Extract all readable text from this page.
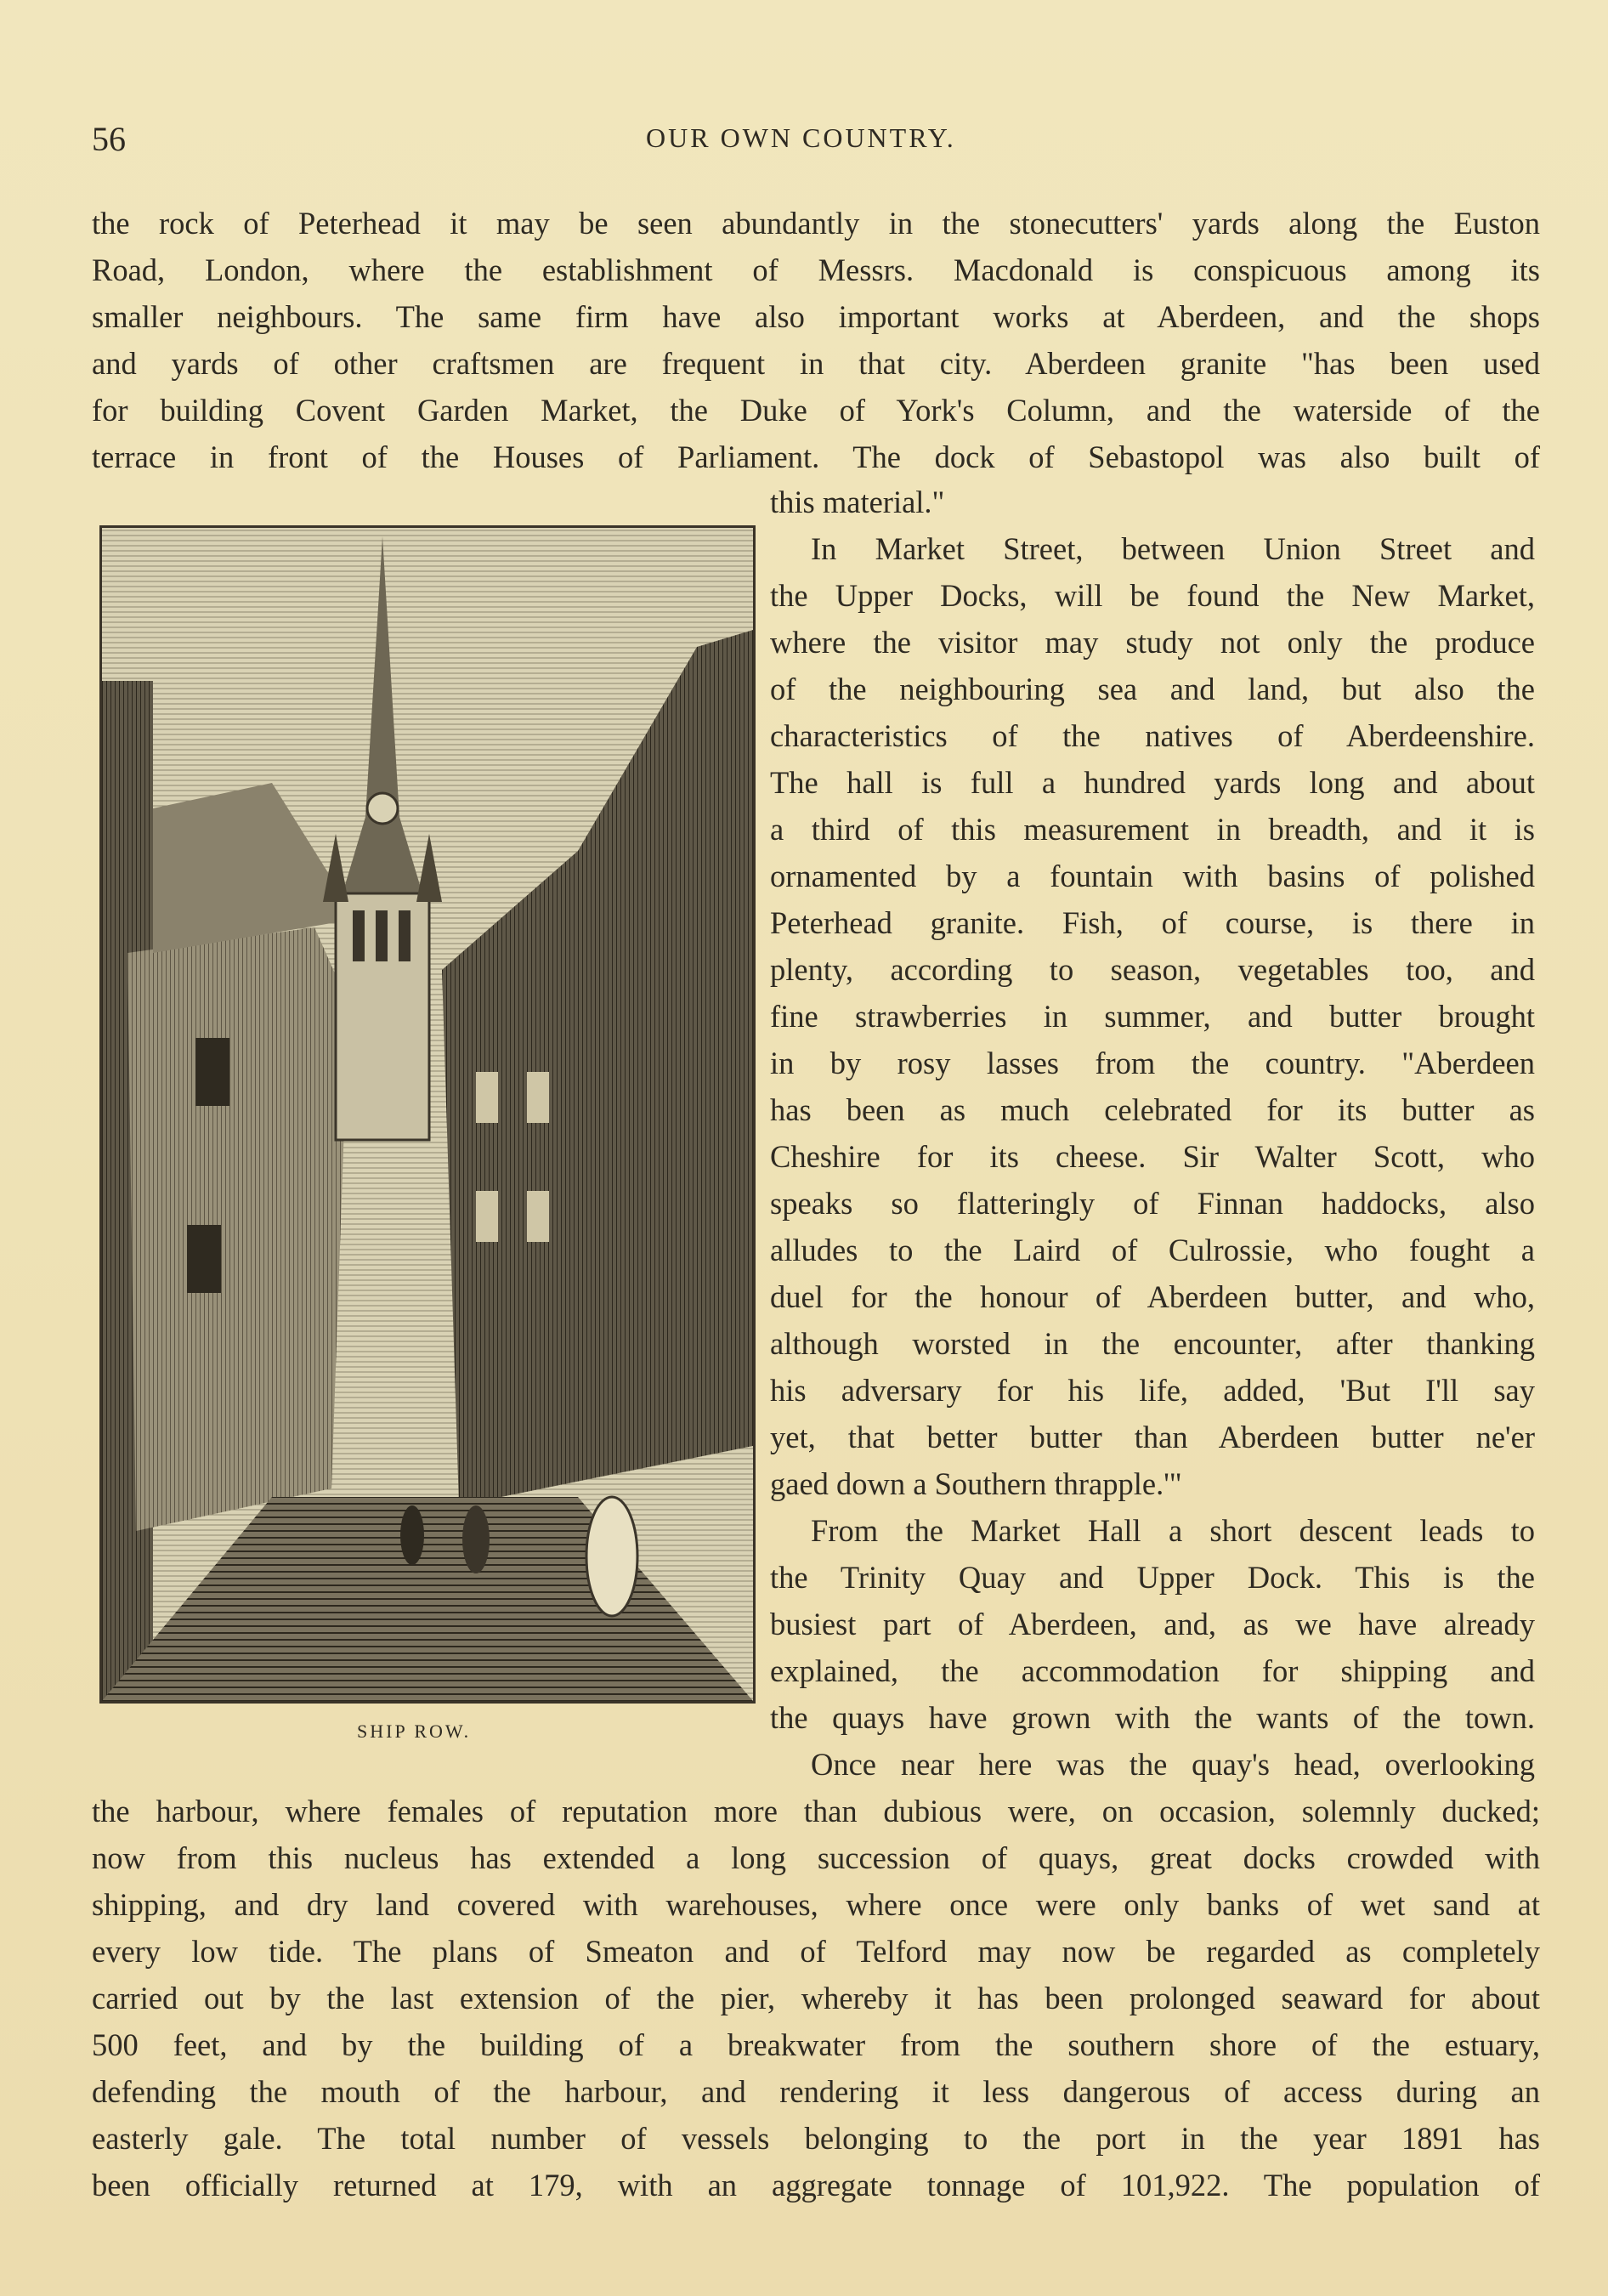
56	OUR OWN COUNTRY.
the rock of Peterhead it may be seen abundantly in the stonecutters' yards along the Euston
Road, London, where the establishment of Messrs. Macdonald is conspicuous among its
smaller neighbours. The same firm have also important works at Aberdeen, and the shops
and yards of other craftsmen are frequent in that city. Aberdeen granite "has been used
for building Covent Garden Market, the Duke of York's Column, and the waterside of the
terrace in front of the Houses of Parliament. The dock of Sebastopol was also built of
this material."
In Market Street, between Union Street and
the Upper Docks, will be found the New Market,
where the visitor may study not only the produce
of the neighbouring sea and land, but also the
characteristics of the natives of Aberdeenshire.
The hall is full a hundred yards long and about
a third of this measurement in breadth, and it is
ornamented by a fountain with basins of polished
Peterhead granite. Fish, of course, is there in
plenty, according to season, vegetables too, and
fine strawberries in summer, and butter brought
in by rosy lasses from the country. "Aberdeen
has been as much celebrated for its butter as
Cheshire for its cheese. Sir Walter Scott, who
speaks so flatteringly of Finnan haddocks, also
alludes to the Laird of Culrossie, who fought a
duel for the honour of Aberdeen butter, and who,
although worsted in the encounter, after thanking
his adversary for his life, added, 'But I'll say
yet, that better butter than Aberdeen butter ne'er
gaed down a Southern thrapple.'"
From the Market Hall a short descent leads to
the Trinity Quay and Upper Dock. This is the
busiest part of Aberdeen, and, as we have already
explained, the accommodation for shipping and
the quays have grown with the wants of the town.
Once near here was the quay's head, overlooking
the harbour, where females of reputation more than dubious were, on occasion, solemnly ducked;
now from this nucleus has extended a long succession of quays, great docks crowded with
shipping, and dry land covered with warehouses, where once were only banks of wet sand at
every low tide. The plans of Smeaton and of Telford may now be regarded as completely
carried out by the last extension of the pier, whereby it has been prolonged seaward for about
500 feet, and by the building of a breakwater from the southern shore of the estuary,
defending the mouth of the harbour, and rendering it less dangerous of access during an
easterly gale. The total number of vessels belonging to the port in the year 1891 has
been officially returned at 179, with an aggregate tonnage of 101,922. The population of
SHIP ROW.
